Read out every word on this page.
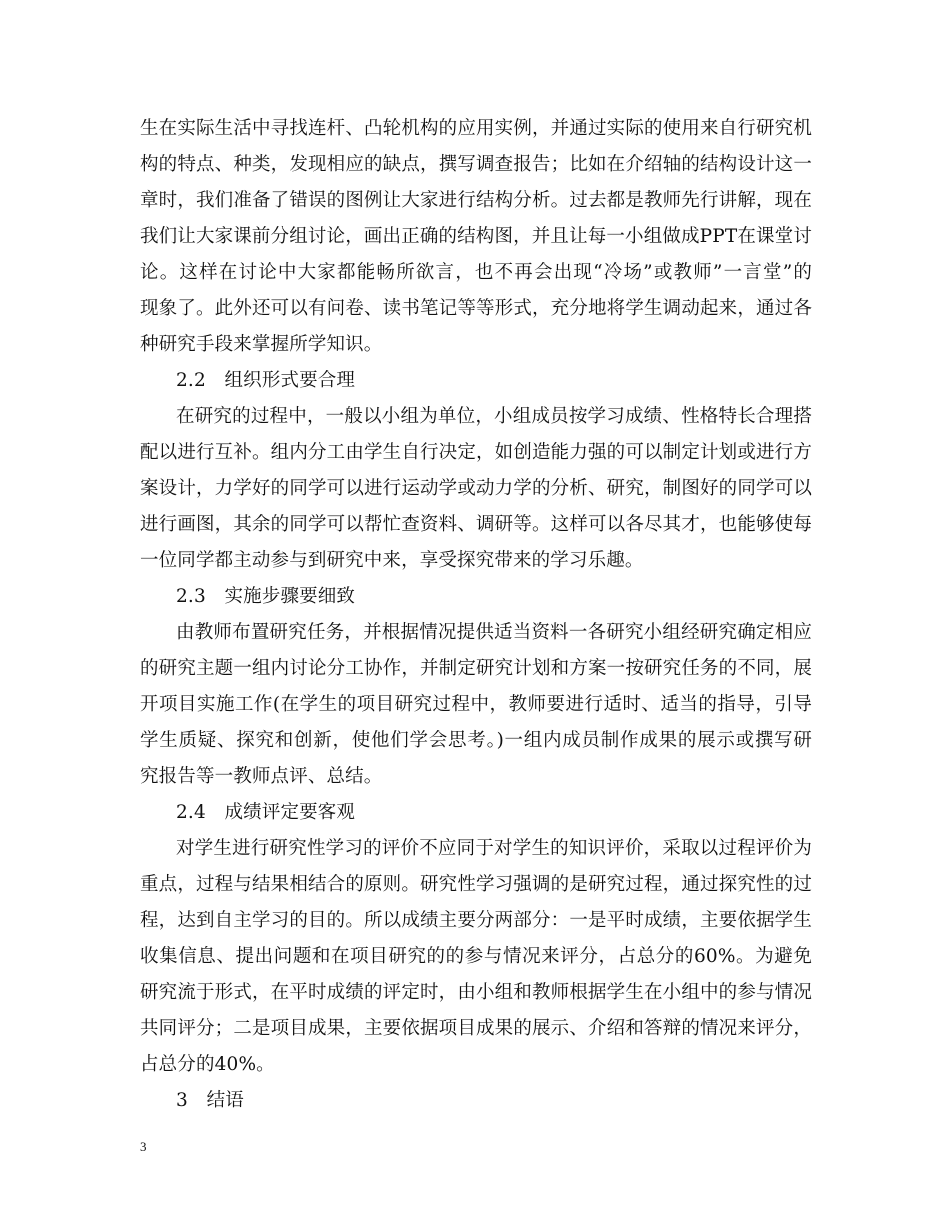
生在实际生活中寻找连杆、凸轮机构的应用实例，并通过实际的使用来自行研究机
构的特点、种类，发现相应的缺点，撰写调查报告；比如在介绍轴的结构设计这一
章时，我们准备了错误的图例让大家进行结构分析。过去都是教师先行讲解，现在
我们让大家课前分组讨论，画出正确的结构图，并且让每一小组做成PPT在课堂讨
论。这样在讨论中大家都能畅所欲言，也不再会出现“冷场”或教师”一言堂”的
现象了。此外还可以有问卷、读书笔记等等形式，充分地将学生调动起来，通过各
种研究手段来掌握所学知识。
2.2　组织形式要合理
在研究的过程中，一般以小组为单位，小组成员按学习成绩、性格特长合理搭
配以进行互补。组内分工由学生自行决定，如创造能力强的可以制定计划或进行方
案设计，力学好的同学可以进行运动学或动力学的分析、研究，制图好的同学可以
进行画图，其余的同学可以帮忙查资料、调研等。这样可以各尽其才，也能够使每
一位同学都主动参与到研究中来，享受探究带来的学习乐趣。
2.3　实施步骤要细致
由教师布置研究任务，并根据情况提供适当资料一各研究小组经研究确定相应
的研究主题一组内讨论分工协作，并制定研究计划和方案一按研究任务的不同，展
开项目实施工作(在学生的项目研究过程中，教师要进行适时、适当的指导，引导
学生质疑、探究和创新，使他们学会思考。)一组内成员制作成果的展示或撰写研
究报告等一教师点评、总结。
2.4　成绩评定要客观
对学生进行研究性学习的评价不应同于对学生的知识评价，采取以过程评价为
重点，过程与结果相结合的原则。研究性学习强调的是研究过程，通过探究性的过
程，达到自主学习的目的。所以成绩主要分两部分：一是平时成绩，主要依据学生
收集信息、提出问题和在项目研究的的参与情况来评分，占总分的60%。为避免
研究流于形式，在平时成绩的评定时，由小组和教师根据学生在小组中的参与情况
共同评分；二是项目成果，主要依据项目成果的展示、介绍和答辩的情况来评分，
占总分的40%。
3　结语
3
